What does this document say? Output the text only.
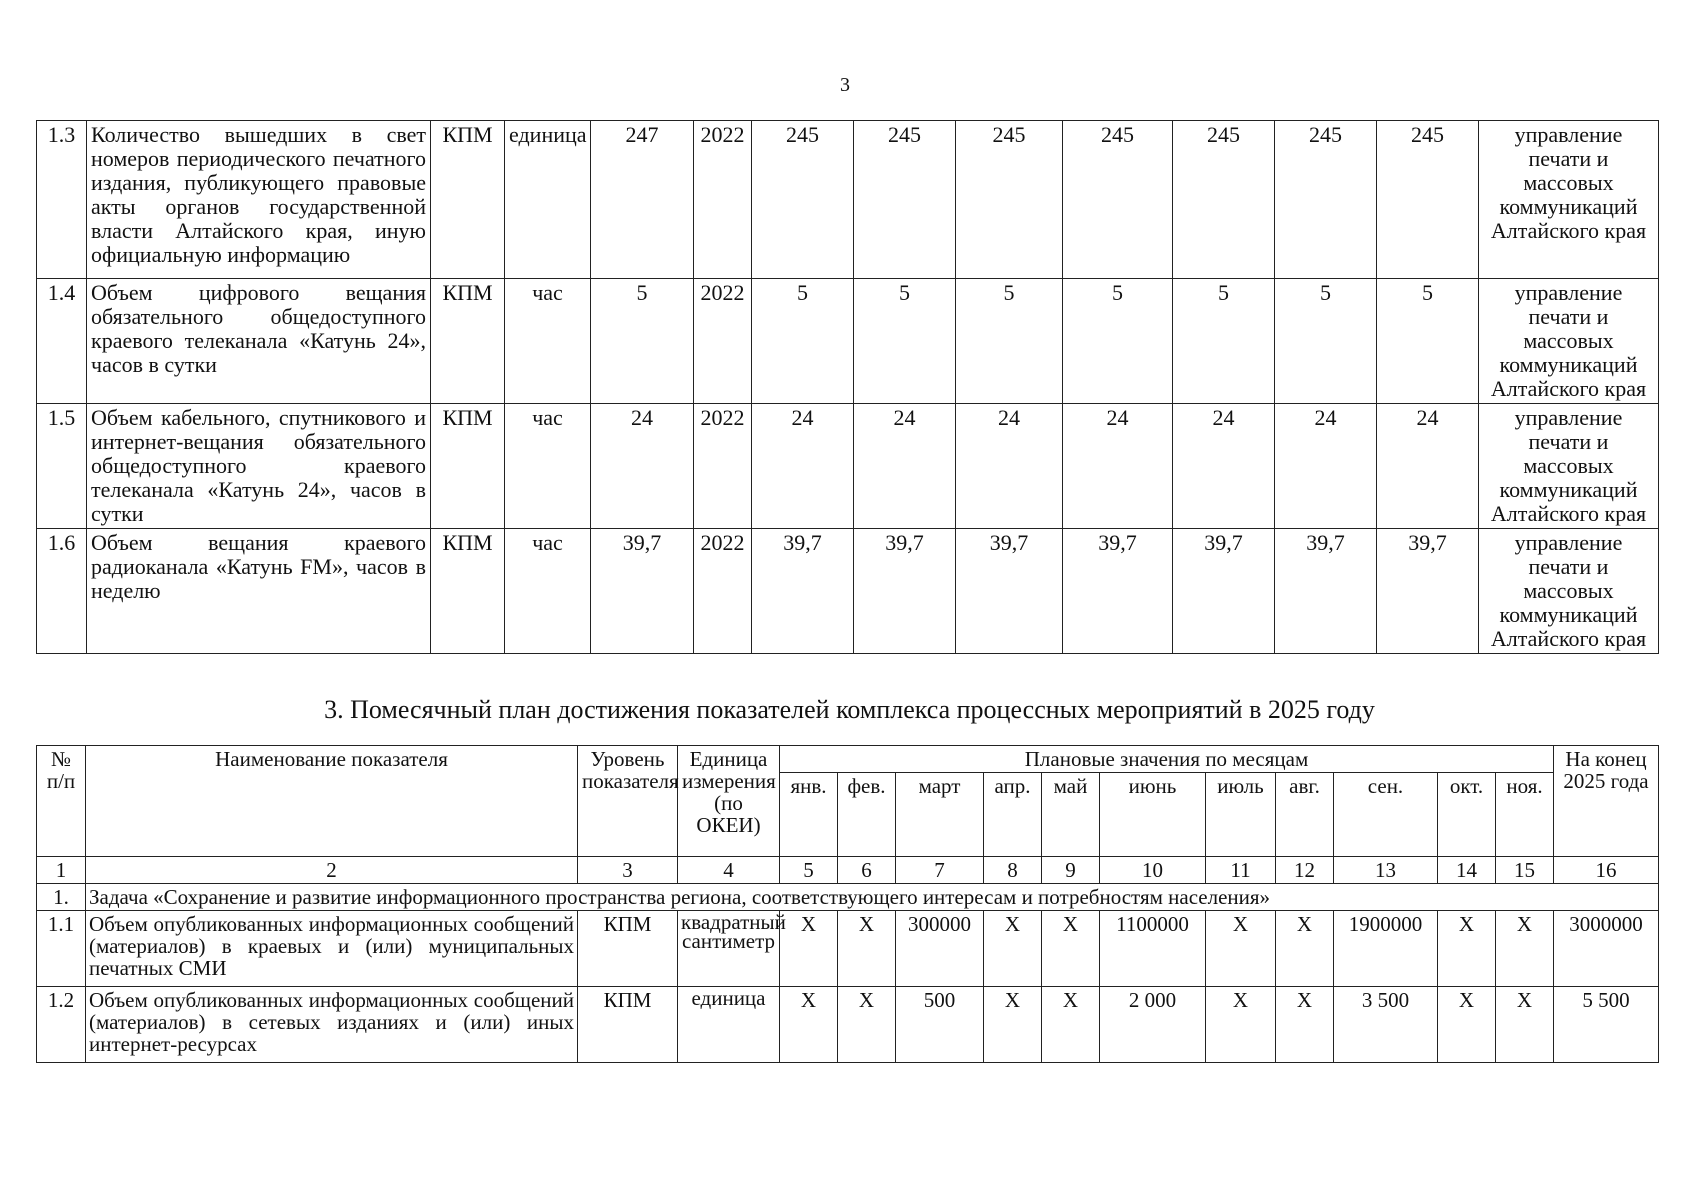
3
1.3	Количество вышедших в свет номеров периодического печатного издания, публикующего правовые акты органов государственной власти Алтайского края, иную официальную информацию	КПМ	единица	247	2022	245	245	245	245	245	245	245	управление печати и массовых коммуникаций Алтайского края
1.4	Объем цифрового вещания обязательного общедоступного краевого телеканала «Катунь 24», часов в сутки	КПМ	час	5	2022	5	5	5	5	5	5	5	управление печати и массовых коммуникаций Алтайского края
1.5	Объем кабельного, спутникового и интернет-вещания обязательного общедоступного краевого телеканала «Катунь 24», часов в сутки	КПМ	час	24	2022	24	24	24	24	24	24	24	управление печати и массовых коммуникаций Алтайского края
1.6	Объем вещания краевого радиоканала «Катунь FM», часов в неделю	КПМ	час	39,7	2022	39,7	39,7	39,7	39,7	39,7	39,7	39,7	управление печати и массовых коммуникаций Алтайского края
3. Помесячный план достижения показателей комплекса процессных мероприятий в 2025 году
№ п/п	Наименование показателя	Уровень показателя	Единица измерения (по ОКЕИ)	Плановые значения по месяцам											На конец 2025 года
				янв.	фев.	март	апр.	май	июнь	июль	авг.	сен.	окт.	ноя.	
1	2	3	4	5	6	7	8	9	10	11	12	13	14	15	16
1.	Задача «Сохранение и развитие информационного пространства региона, соответствующего интересам и потребностям населения»														
1.1	Объем опубликованных информационных сообщений (материалов) в краевых и (или) муниципальных печатных СМИ	КПМ	квадратный сантиметр	X	X	300000	X	X	1100000	X	X	1900000	X	X	3000000
1.2	Объем опубликованных информационных сообщений (материалов) в сетевых изданиях и (или) иных интернет-ресурсах	КПМ	единица	X	X	500	X	X	2 000	X	X	3 500	X	X	5 500
